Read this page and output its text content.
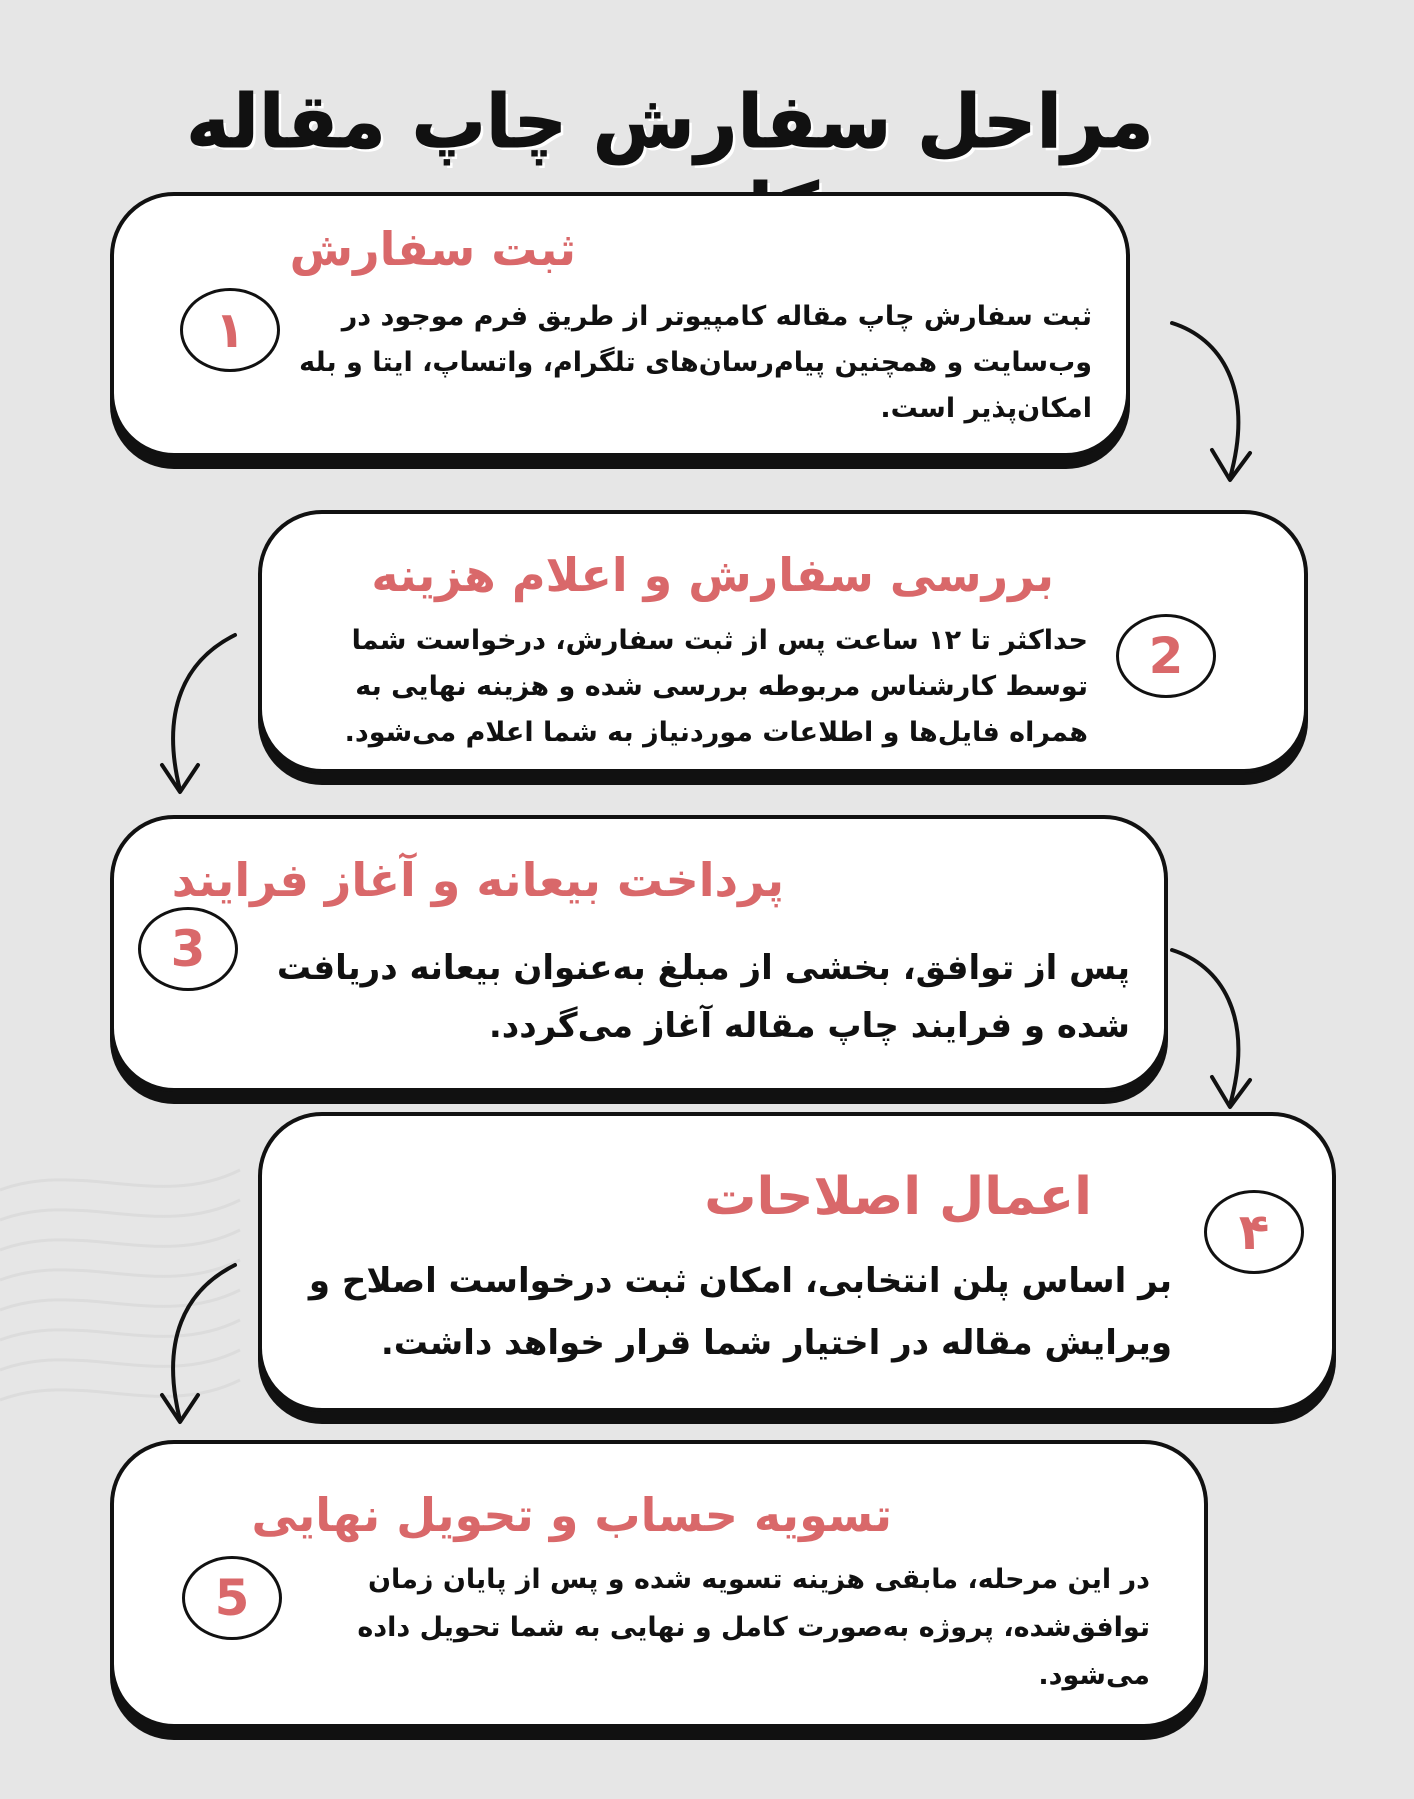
مراحل سفارش چاپ مقاله
ثبت سفارش
۱	ثبت سفارش چاپ مقاله کامپیوتر از طریق فرم موجود در وب‌سایت و همچنین پیام‌رسان‌های تلگرام، واتساپ، ایتا و بله امکان‌پذیر است.

بررسی سفارش و اعلام هزینه
2

حداکثر تا ۱۲ ساعت پس از ثبت سفارش، درخواست شما توسط کارشناس مربوطه بررسی شده و هزینه نهایی به همراه فایل‌ها و اطلاعات موردنیاز به شما اعلام می‌شود.

پرداخت بیعانه و آغاز فرایند
3	پس از توافق، بخشی از مبلغ به‌عنوان بیعانه دریافت شده و فرایند چاپ مقاله آغاز می‌گردد.

اعمال اصلاحات
۴

بر اساس پلن انتخابی، امکان ثبت درخواست اصلاح و ویرایش مقاله در اختیار شما قرار خواهد داشت.

تسویه حساب و تحویل نهایی
5	در این مرحله، مابقی هزینه تسویه شده و پس از پایان زمان توافق‌شده، پروژه به‌صورت کامل و نهایی به شما تحویل داده می‌شود.
